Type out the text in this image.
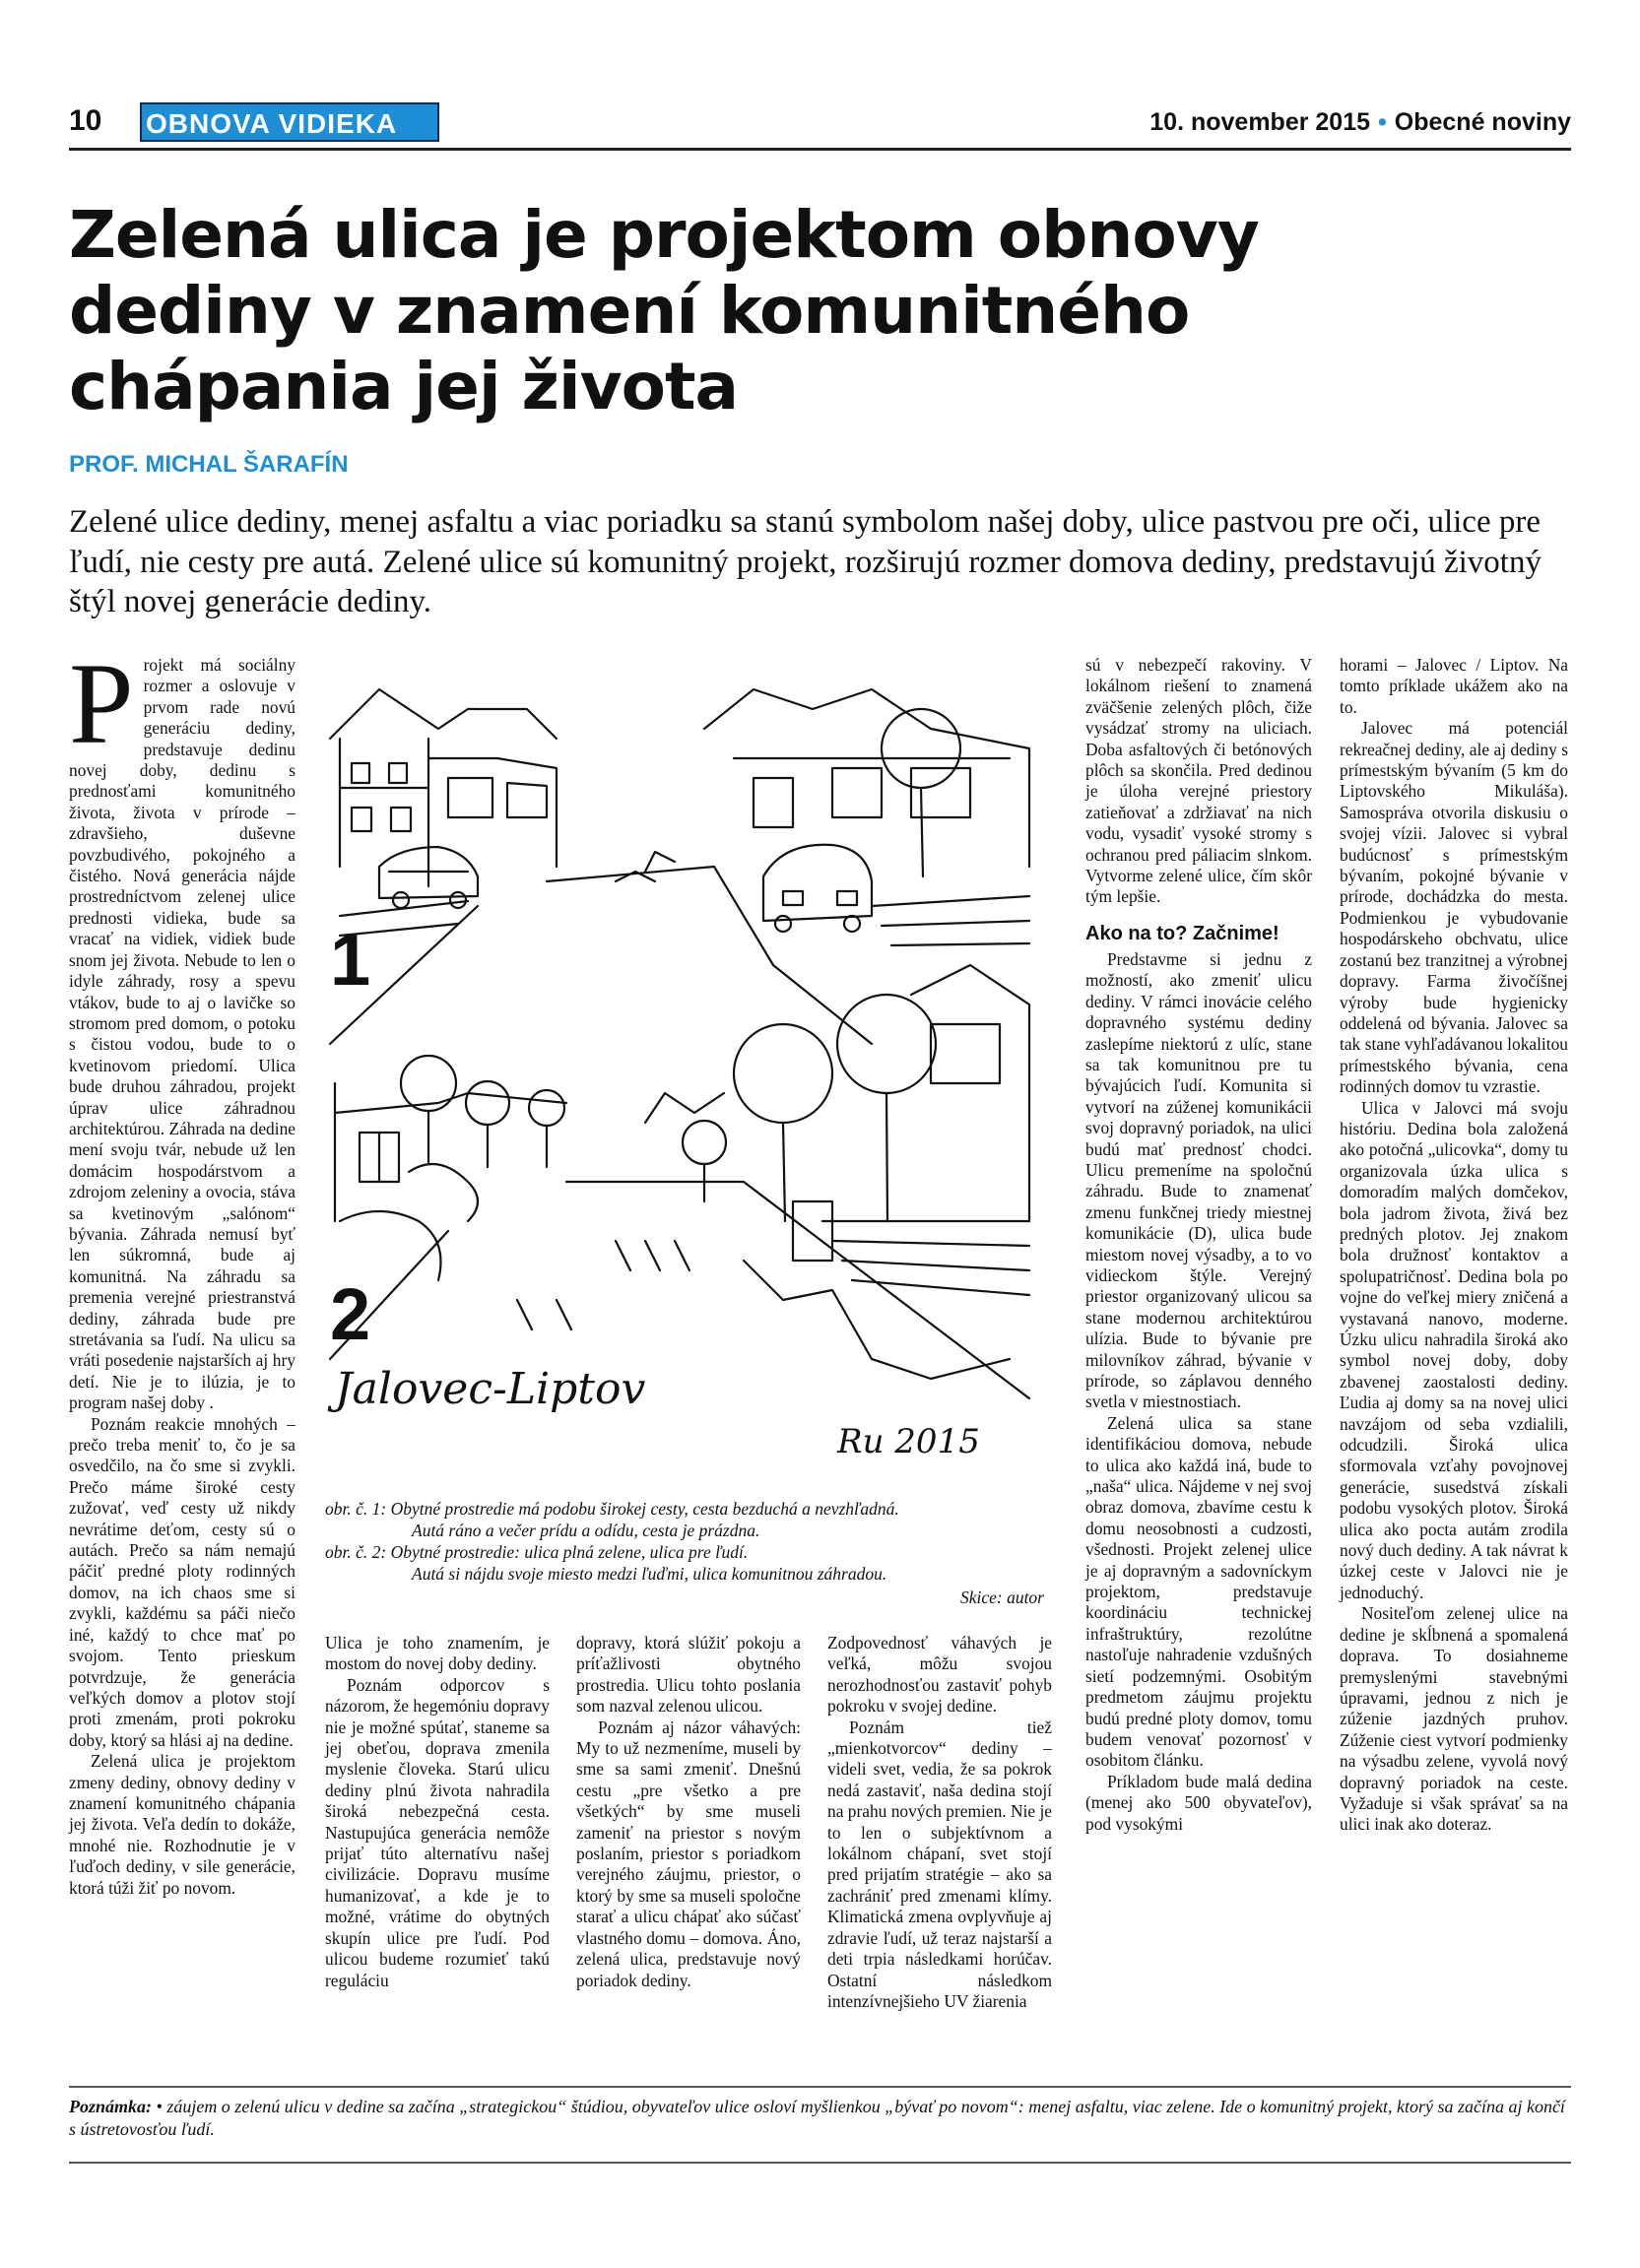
10 OBNOVA VIDIEKA	10. november 2015 • Obecné noviny
Zelená ulica je projektom obnovy dediny v znamení komunitného chápania jej života
PROF. MICHAL ŠARAFÍN

Zelené ulice dediny, menej asfaltu a viac poriadku sa stanú symbolom našej doby, ulice pastvou pre oči, ulice pre ľudí, nie cesty pre autá. Zelené ulice sú komunitný projekt, rozširujú rozmer domova dediny, predstavujú životný štýl novej generácie dediny.

Projekt má sociálny rozmer a oslovuje v prvom rade novú generáciu dediny, predstavuje dedinu novej doby, dedinu s prednosťami komunitného života, života v prírode – zdravšieho, duševne povzbudivého, pokojného a čistého. Nová generácia nájde prostredníctvom zelenej ulice prednosti vidieka, bude sa vracať na vidiek, vidiek bude snom jej života. Nebude to len o idyle záhrady, rosy a spevu vtákov, bude to aj o lavičke so stromom pred domom, o potoku s čistou vodou, bude to o kvetinovom priedomí. Ulica bude druhou záhradou, projekt úprav ulice záhradnou architektúrou. Záhrada na dedine mení svoju tvár, nebude už len domácim hospodárstvom a zdrojom zeleniny a ovocia, stáva sa kvetinovým „salónom“ bývania. Záhrada nemusí byť len súkromná, bude aj komunitná. Na záhradu sa premenia verejné priestranstvá dediny, záhrada bude pre stretávania sa ľudí. Na ulicu sa vráti posedenie najstarších aj hry detí. Nie je to ilúzia, je to program našej doby .

Poznám reakcie mnohých – prečo treba meniť to, čo je sa osvedčilo, na čo sme si zvykli. Prečo máme široké cesty zužovať, veď cesty už nikdy nevrátime deťom, cesty sú o autách. Prečo sa nám nemajú páčiť predné ploty rodinných domov, na ich chaos sme si zvykli, každému sa páči niečo iné, každý to chce mať po svojom. Tento prieskum potvrdzuje, že generácia veľkých domov a plotov stojí proti zmenám, proti pokroku doby, ktorý sa hlási aj na dedine.

Zelená ulica je projektom zmeny dediny, obnovy dediny v znamení komunitného chápania jej života. Veľa dedín to dokáže, mnohé nie. Rozhodnutie je v ľuďoch dediny, v sile generácie, ktorá túži žiť po novom.

1
2
Jalovec-Liptov
Ru 2015
obr. č. 1: Obytné prostredie má podobu širokej cesty, cesta bezduchá a nevzhľadná.
Autá ráno a večer prídu a odídu, cesta je prázdna.
obr. č. 2: Obytné prostredie: ulica plná zelene, ulica pre ľudí.
Autá si nájdu svoje miesto medzi ľuďmi, ulica komunitnou záhradou.
Skice: autor

Ulica je toho znamením, je mostom do novej doby dediny.

Poznám odporcov s názorom, že hegemóniu dopravy nie je možné spútať, staneme sa jej obeťou, doprava zmenila myslenie človeka. Starú ulicu dediny plnú života nahradila široká nebezpečná cesta. Nastupujúca generácia nemôže prijať túto alternatívu našej civilizácie. Dopravu musíme humanizovať, a kde je to možné, vrátime do obytných skupín ulice pre ľudí. Pod ulicou budeme rozumieť takú reguláciu

dopravy, ktorá slúžiť pokoju a príťažlivosti obytného prostredia. Ulicu tohto poslania som nazval zelenou ulicou.

Poznám aj názor váhavých: My to už nezmeníme, museli by sme sa sami zmeniť. Dnešnú cestu „pre všetko a pre všetkých“ by sme museli zameniť na priestor s novým poslaním, priestor s poriadkom verejného záujmu, priestor, o ktorý by sme sa museli spoločne starať a ulicu chápať ako súčasť vlastného domu – domova. Áno, zelená ulica, predstavuje nový poriadok dediny.

Zodpovednosť váhavých je veľká, môžu svojou nerozhodnosťou zastaviť pohyb pokroku v svojej dedine.

Poznám tiež „mienkotvorcov“ dediny – videli svet, vedia, že sa pokrok nedá zastaviť, naša dedina stojí na prahu nových premien. Nie je to len o subjektívnom a lokálnom chápaní, svet stojí pred prijatím stratégie – ako sa zachrániť pred zmenami klímy. Klimatická zmena ovplyvňuje aj zdravie ľudí, už teraz najstarší a deti trpia následkami horúčav. Ostatní následkom intenzívnejšieho UV žiarenia

sú v nebezpečí rakoviny. V lokálnom riešení to znamená zväčšenie zelených plôch, čiže vysádzať stromy na uliciach. Doba asfaltových či betónových plôch sa skončila. Pred dedinou je úloha verejné priestory zatieňovať a zdržiavať na nich vodu, vysadiť vysoké stromy s ochranou pred páliacim slnkom. Vytvorme zelené ulice, čím skôr tým lepšie.

Ako na to? Začnime!

Predstavme si jednu z možností, ako zmeniť ulicu dediny. V rámci inovácie celého dopravného systému dediny zaslepíme niektorú z ulíc, stane sa tak komunitnou pre tu bývajúcich ľudí. Komunita si vytvorí na zúženej komunikácii svoj dopravný poriadok, na ulici budú mať prednosť chodci. Ulicu premeníme na spoločnú záhradu. Bude to znamenať zmenu funkčnej triedy miestnej komunikácie (D), ulica bude miestom novej výsadby, a to vo vidieckom štýle. Verejný priestor organizovaný ulicou sa stane modernou architektúrou ulízia. Bude to bývanie pre milovníkov záhrad, bývanie v prírode, so záplavou denného svetla v miestnostiach.

Zelená ulica sa stane identifikáciou domova, nebude to ulica ako každá iná, bude to „naša“ ulica. Nájdeme v nej svoj obraz domova, zbavíme cestu k domu neosobnosti a cudzosti, všednosti. Projekt zelenej ulice je aj dopravným a sadovníckym projektom, predstavuje koordináciu technickej infraštruktúry, rezolútne nastoľuje nahradenie vzdušných sietí podzemnými. Osobitým predmetom záujmu projektu budú predné ploty domov, tomu budem venovať pozornosť v osobitom článku.

Príkladom bude malá dedina (menej ako 500 obyvateľov), pod vysokými

horami – Jalovec / Liptov. Na tomto príklade ukážem ako na to.

Jalovec má potenciál rekreačnej dediny, ale aj dediny s prímestským bývaním (5 km do Liptovského Mikuláša). Samospráva otvorila diskusiu o svojej vízii. Jalovec si vybral budúcnosť s prímestským bývaním, pokojné bývanie v prírode, dochádzka do mesta. Podmienkou je vybudovanie hospodárskeho obchvatu, ulice zostanú bez tranzitnej a výrobnej dopravy. Farma živočíšnej výroby bude hygienicky oddelená od bývania. Jalovec sa tak stane vyhľadávanou lokalitou prímestského bývania, cena rodinných domov tu vzrastie.

Ulica v Jalovci má svoju históriu. Dedina bola založená ako potočná „ulicovka“, domy tu organizovala úzka ulica s domoradím malých domčekov, bola jadrom života, živá bez predných plotov. Jej znakom bola družnosť kontaktov a spolupatričnosť. Dedina bola po vojne do veľkej miery zničená a vystavaná nanovo, moderne. Úzku ulicu nahradila široká ako symbol novej doby, doby zbavenej zaostalosti dediny. Ľudia aj domy sa na novej ulici navzájom od seba vzdialili, odcudzili. Široká ulica sformovala vzťahy povojnovej generácie, susedstvá získali podobu vysokých plotov. Široká ulica ako pocta autám zrodila nový duch dediny. A tak návrat k úzkej ceste v Jalovci nie je jednoduchý.

Nositeľom zelenej ulice na dedine je skĺbnená a spomalená doprava. To dosiahneme premyslenými stavebnými úpravami, jednou z nich je zúženie jazdných pruhov. Zúženie ciest vytvorí podmienky na výsadbu zelene, vyvolá nový dopravný poriadok na ceste. Vyžaduje si však správať sa na ulici inak ako doteraz.

Poznámka: • záujem o zelenú ulicu v dedine sa začína „strategickou“ štúdiou, obyvateľov ulice osloví myšlienkou „bývať po novom“: menej asfaltu, viac zelene. Ide o komunitný projekt, ktorý sa začína aj končí s ústretovosťou ľudí.
